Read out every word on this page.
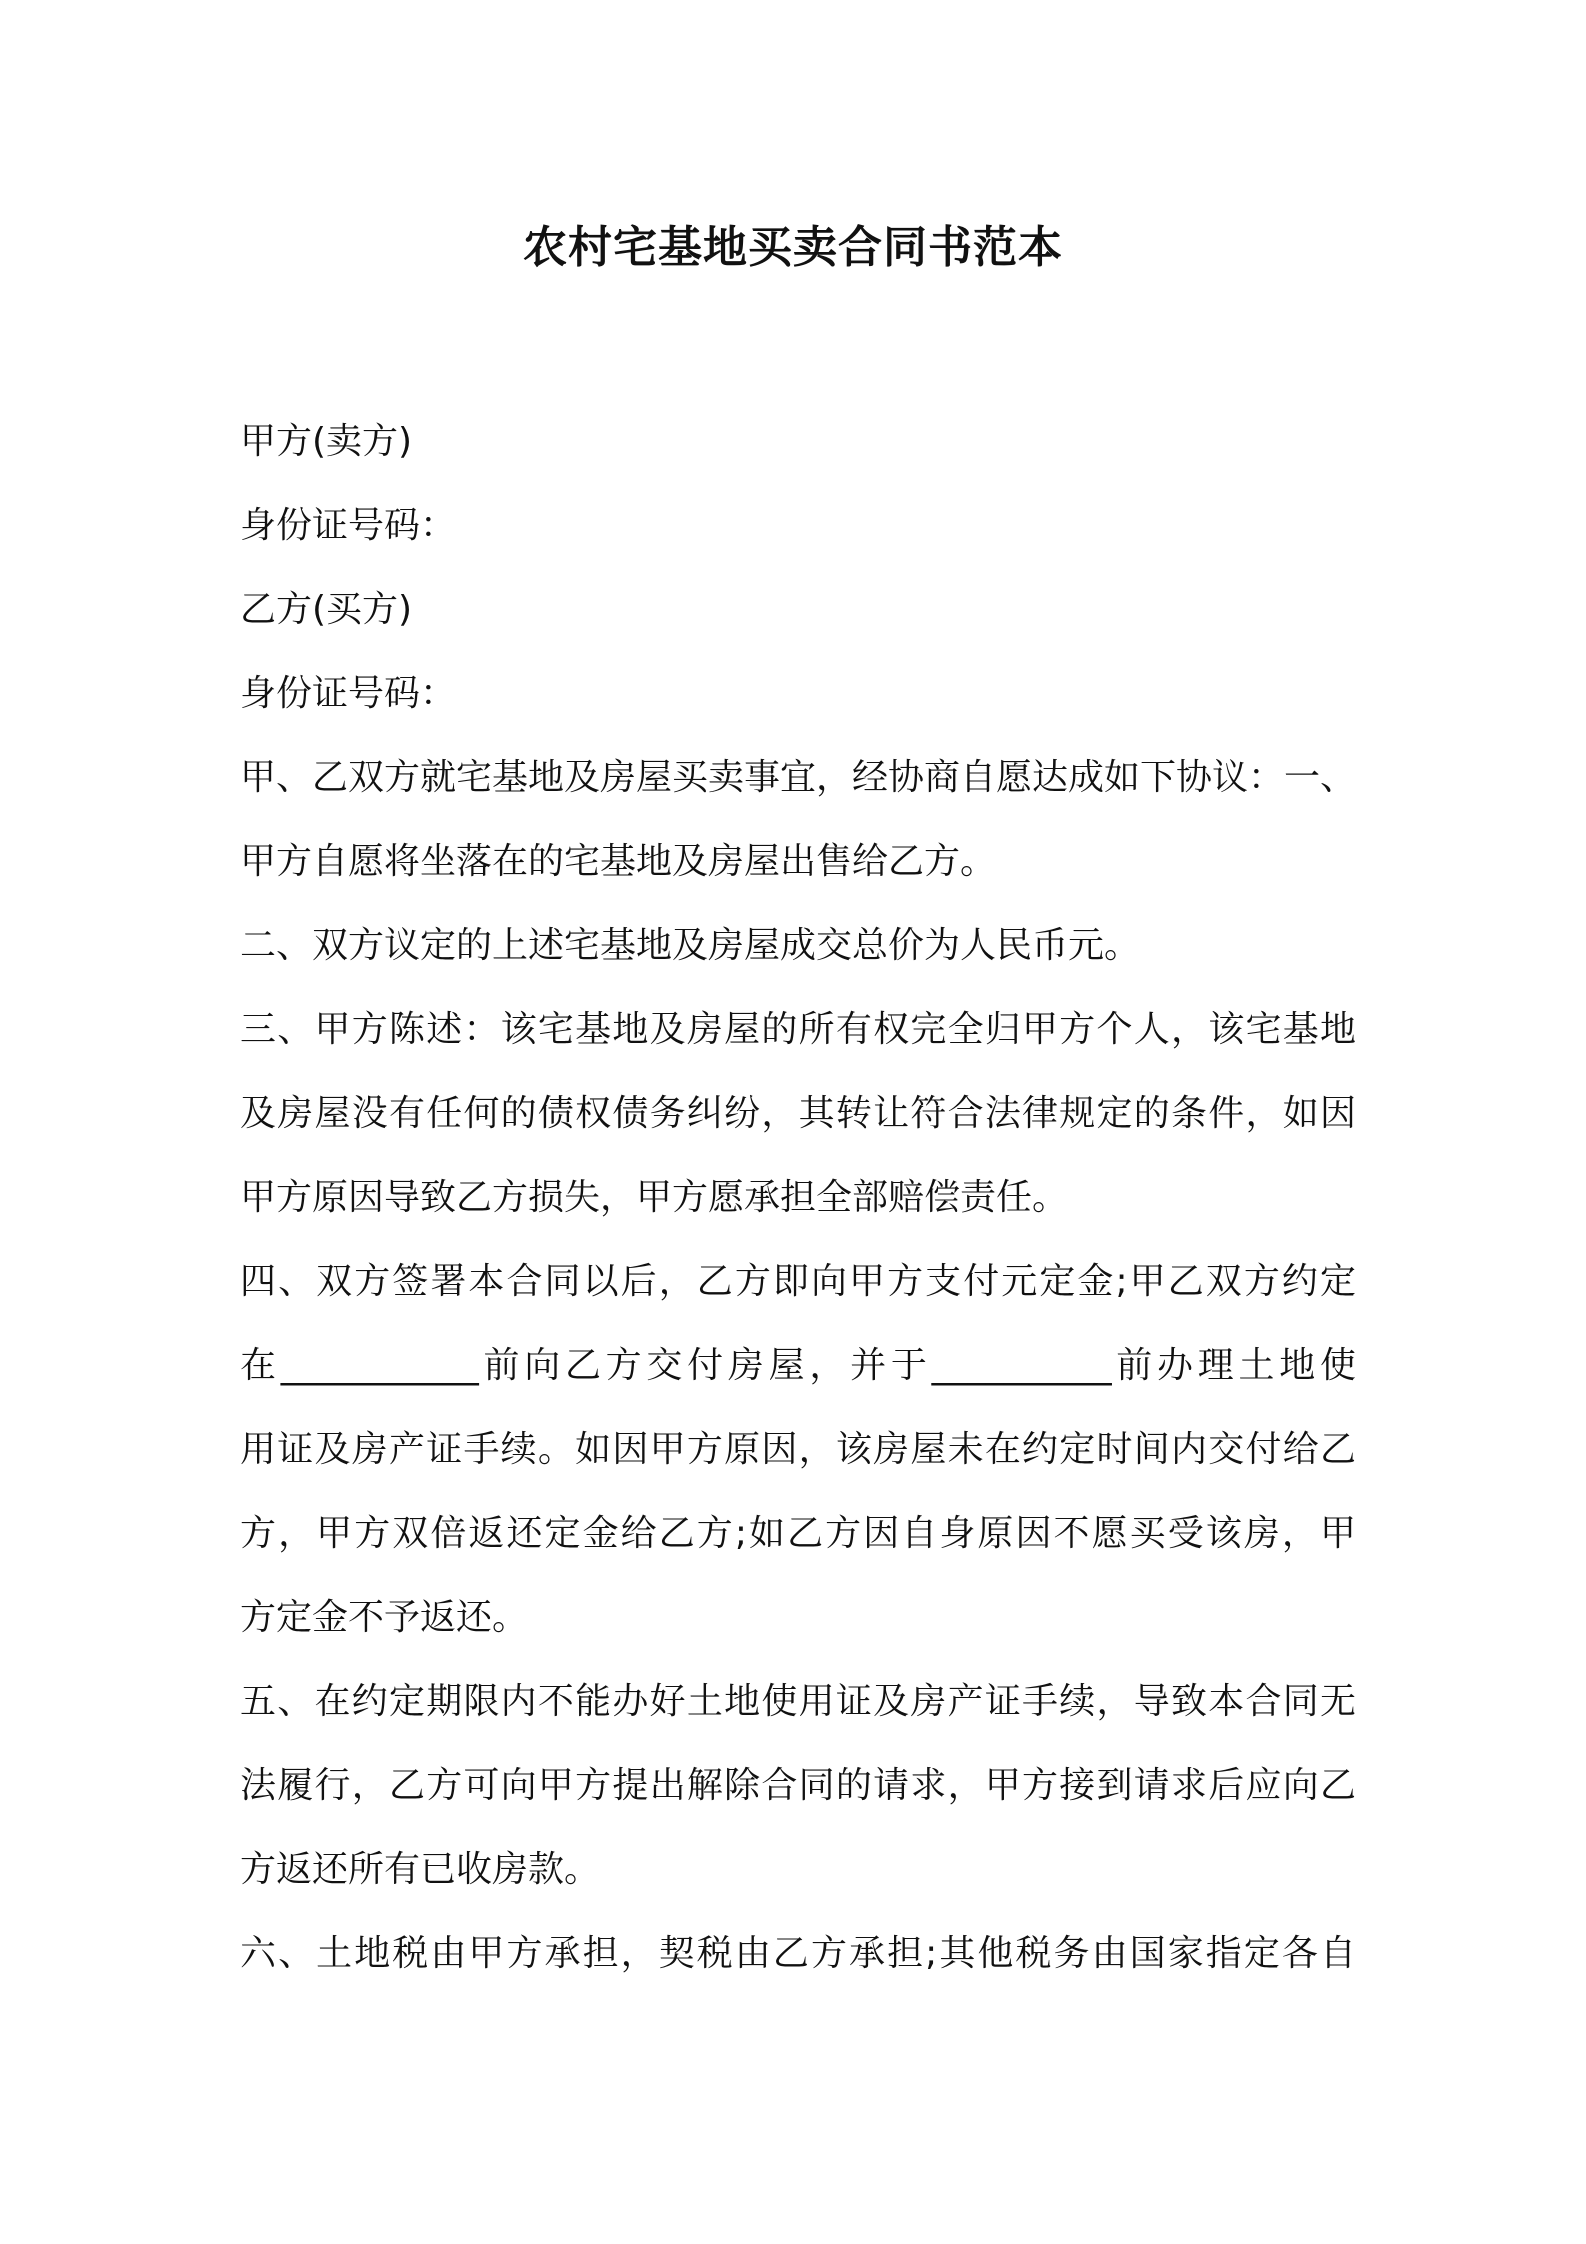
农村宅基地买卖合同书范本
甲方(卖方)
身份证号码：
乙方(买方)
身份证号码：
甲、乙双方就宅基地及房屋买卖事宜，经协商自愿达成如下协议：一、
甲方自愿将坐落在的宅基地及房屋出售给乙方。
二、双方议定的上述宅基地及房屋成交总价为人民币元。
三、甲方陈述：该宅基地及房屋的所有权完全归甲方个人，该宅基地
及房屋没有任何的债权债务纠纷，其转让符合法律规定的条件，如因
甲方原因导致乙方损失，甲方愿承担全部赔偿责任。
四、双方签署本合同以后，乙方即向甲方支付元定金;甲乙双方约定
在___________前向乙方交付房屋，并于__________前办理土地使
用证及房产证手续。如因甲方原因，该房屋未在约定时间内交付给乙
方，甲方双倍返还定金给乙方;如乙方因自身原因不愿买受该房，甲
方定金不予返还。
五、在约定期限内不能办好土地使用证及房产证手续，导致本合同无
法履行，乙方可向甲方提出解除合同的请求，甲方接到请求后应向乙
方返还所有已收房款。
六、土地税由甲方承担，契税由乙方承担;其他税务由国家指定各自
